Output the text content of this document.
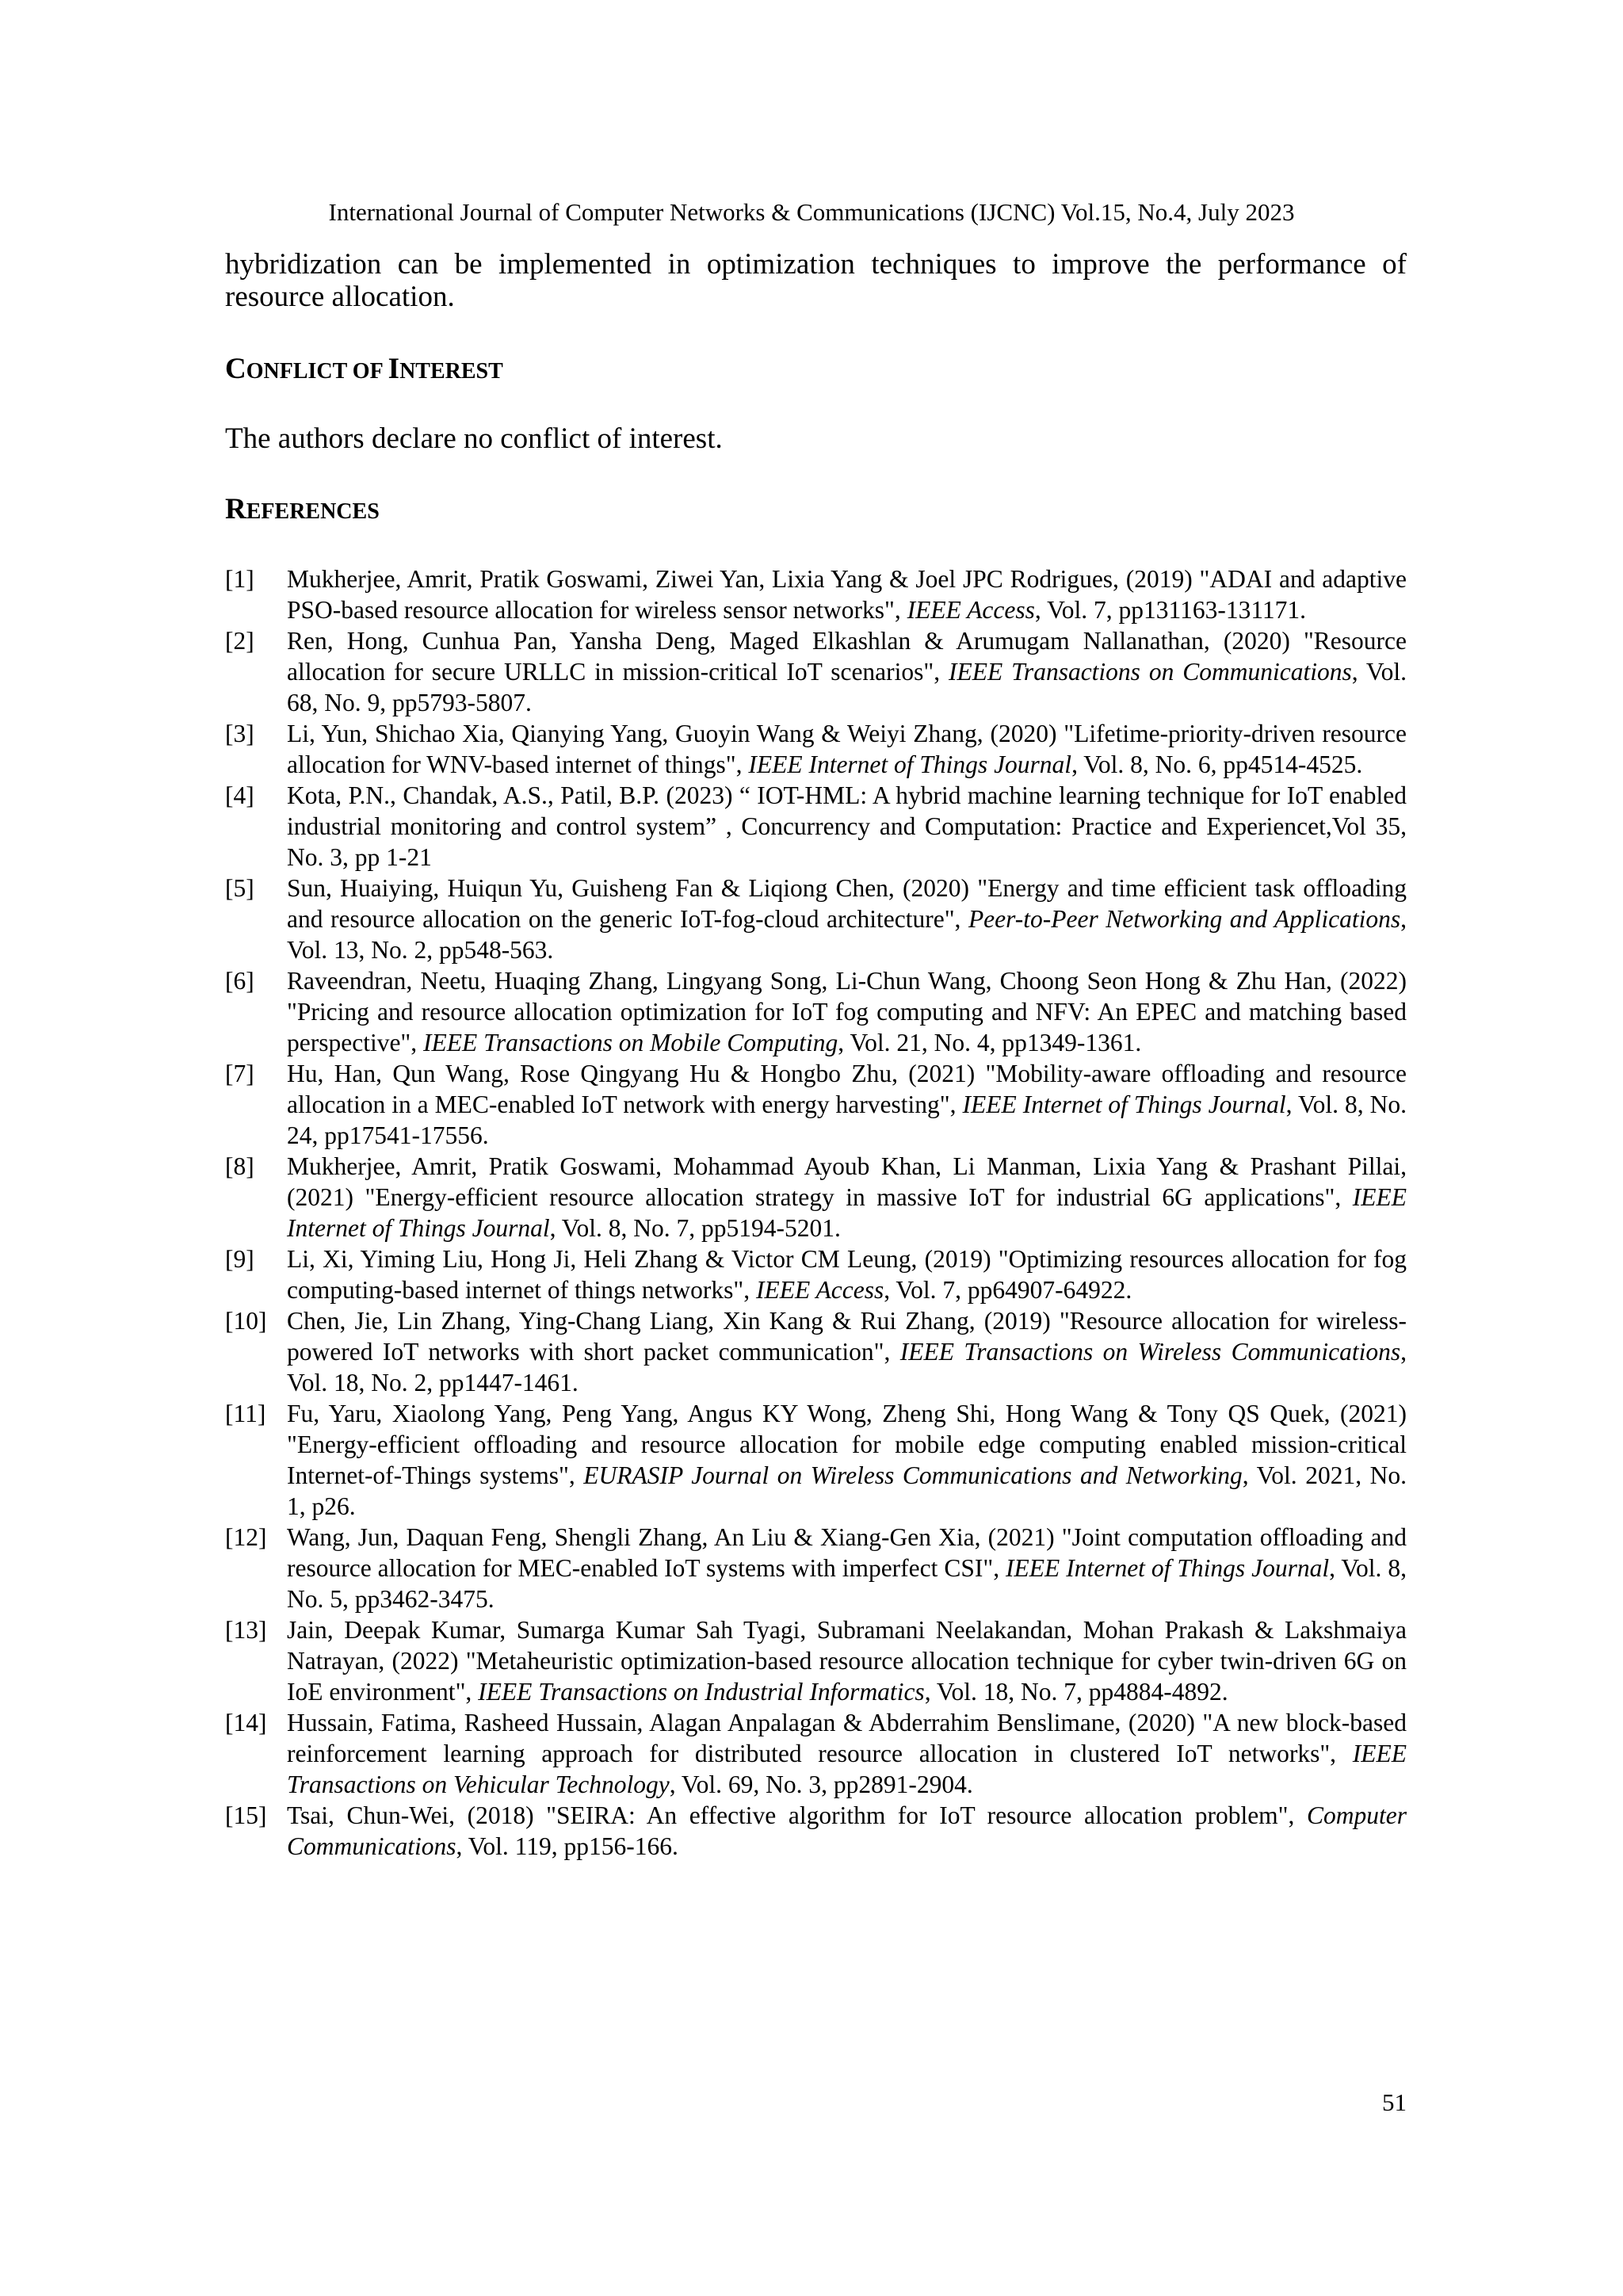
International Journal of Computer Networks & Communications (IJCNC) Vol.15, No.4, July 2023
hybridization can be implemented in optimization techniques to improve the performance of resource allocation.
CONFLICT OF INTEREST
The authors declare no conflict of interest.
REFERENCES
[1] Mukherjee, Amrit, Pratik Goswami, Ziwei Yan, Lixia Yang & Joel JPC Rodrigues, (2019) "ADAI and adaptive PSO-based resource allocation for wireless sensor networks", IEEE Access, Vol. 7, pp131163-131171.
[2] Ren, Hong, Cunhua Pan, Yansha Deng, Maged Elkashlan & Arumugam Nallanathan, (2020) "Resource allocation for secure URLLC in mission-critical IoT scenarios", IEEE Transactions on Communications, Vol. 68, No. 9, pp5793-5807.
[3] Li, Yun, Shichao Xia, Qianying Yang, Guoyin Wang & Weiyi Zhang, (2020) "Lifetime-priority-driven resource allocation for WNV-based internet of things", IEEE Internet of Things Journal, Vol. 8, No. 6, pp4514-4525.
[4] Kota, P.N., Chandak, A.S., Patil, B.P. (2023) “ IOT-HML: A hybrid machine learning technique for IoT enabled industrial monitoring and control system” , Concurrency and Computation: Practice and Experiencet,Vol 35, No. 3, pp 1-21
[5] Sun, Huaiying, Huiqun Yu, Guisheng Fan & Liqiong Chen, (2020) "Energy and time efficient task offloading and resource allocation on the generic IoT-fog-cloud architecture", Peer-to-Peer Networking and Applications, Vol. 13, No. 2, pp548-563.
[6] Raveendran, Neetu, Huaqing Zhang, Lingyang Song, Li-Chun Wang, Choong Seon Hong & Zhu Han, (2022) "Pricing and resource allocation optimization for IoT fog computing and NFV: An EPEC and matching based perspective", IEEE Transactions on Mobile Computing, Vol. 21, No. 4, pp1349-1361.
[7] Hu, Han, Qun Wang, Rose Qingyang Hu & Hongbo Zhu, (2021) "Mobility-aware offloading and resource allocation in a MEC-enabled IoT network with energy harvesting", IEEE Internet of Things Journal, Vol. 8, No. 24, pp17541-17556.
[8] Mukherjee, Amrit, Pratik Goswami, Mohammad Ayoub Khan, Li Manman, Lixia Yang & Prashant Pillai, (2021) "Energy-efficient resource allocation strategy in massive IoT for industrial 6G applications", IEEE Internet of Things Journal, Vol. 8, No. 7, pp5194-5201.
[9] Li, Xi, Yiming Liu, Hong Ji, Heli Zhang & Victor CM Leung, (2019) "Optimizing resources allocation for fog computing-based internet of things networks", IEEE Access, Vol. 7, pp64907-64922.
[10] Chen, Jie, Lin Zhang, Ying-Chang Liang, Xin Kang & Rui Zhang, (2019) "Resource allocation for wireless-powered IoT networks with short packet communication", IEEE Transactions on Wireless Communications, Vol. 18, No. 2, pp1447-1461.
[11] Fu, Yaru, Xiaolong Yang, Peng Yang, Angus KY Wong, Zheng Shi, Hong Wang & Tony QS Quek, (2021) "Energy-efficient offloading and resource allocation for mobile edge computing enabled mission-critical Internet-of-Things systems", EURASIP Journal on Wireless Communications and Networking, Vol. 2021, No. 1, p26.
[12] Wang, Jun, Daquan Feng, Shengli Zhang, An Liu & Xiang-Gen Xia, (2021) "Joint computation offloading and resource allocation for MEC-enabled IoT systems with imperfect CSI", IEEE Internet of Things Journal, Vol. 8, No. 5, pp3462-3475.
[13] Jain, Deepak Kumar, Sumarga Kumar Sah Tyagi, Subramani Neelakandan, Mohan Prakash & Lakshmaiya Natrayan, (2022) "Metaheuristic optimization-based resource allocation technique for cyber twin-driven 6G on IoE environment", IEEE Transactions on Industrial Informatics, Vol. 18, No. 7, pp4884-4892.
[14] Hussain, Fatima, Rasheed Hussain, Alagan Anpalagan & Abderrahim Benslimane, (2020) "A new block-based reinforcement learning approach for distributed resource allocation in clustered IoT networks", IEEE Transactions on Vehicular Technology, Vol. 69, No. 3, pp2891-2904.
[15] Tsai, Chun-Wei, (2018) "SEIRA: An effective algorithm for IoT resource allocation problem", Computer Communications, Vol. 119, pp156-166.
51
